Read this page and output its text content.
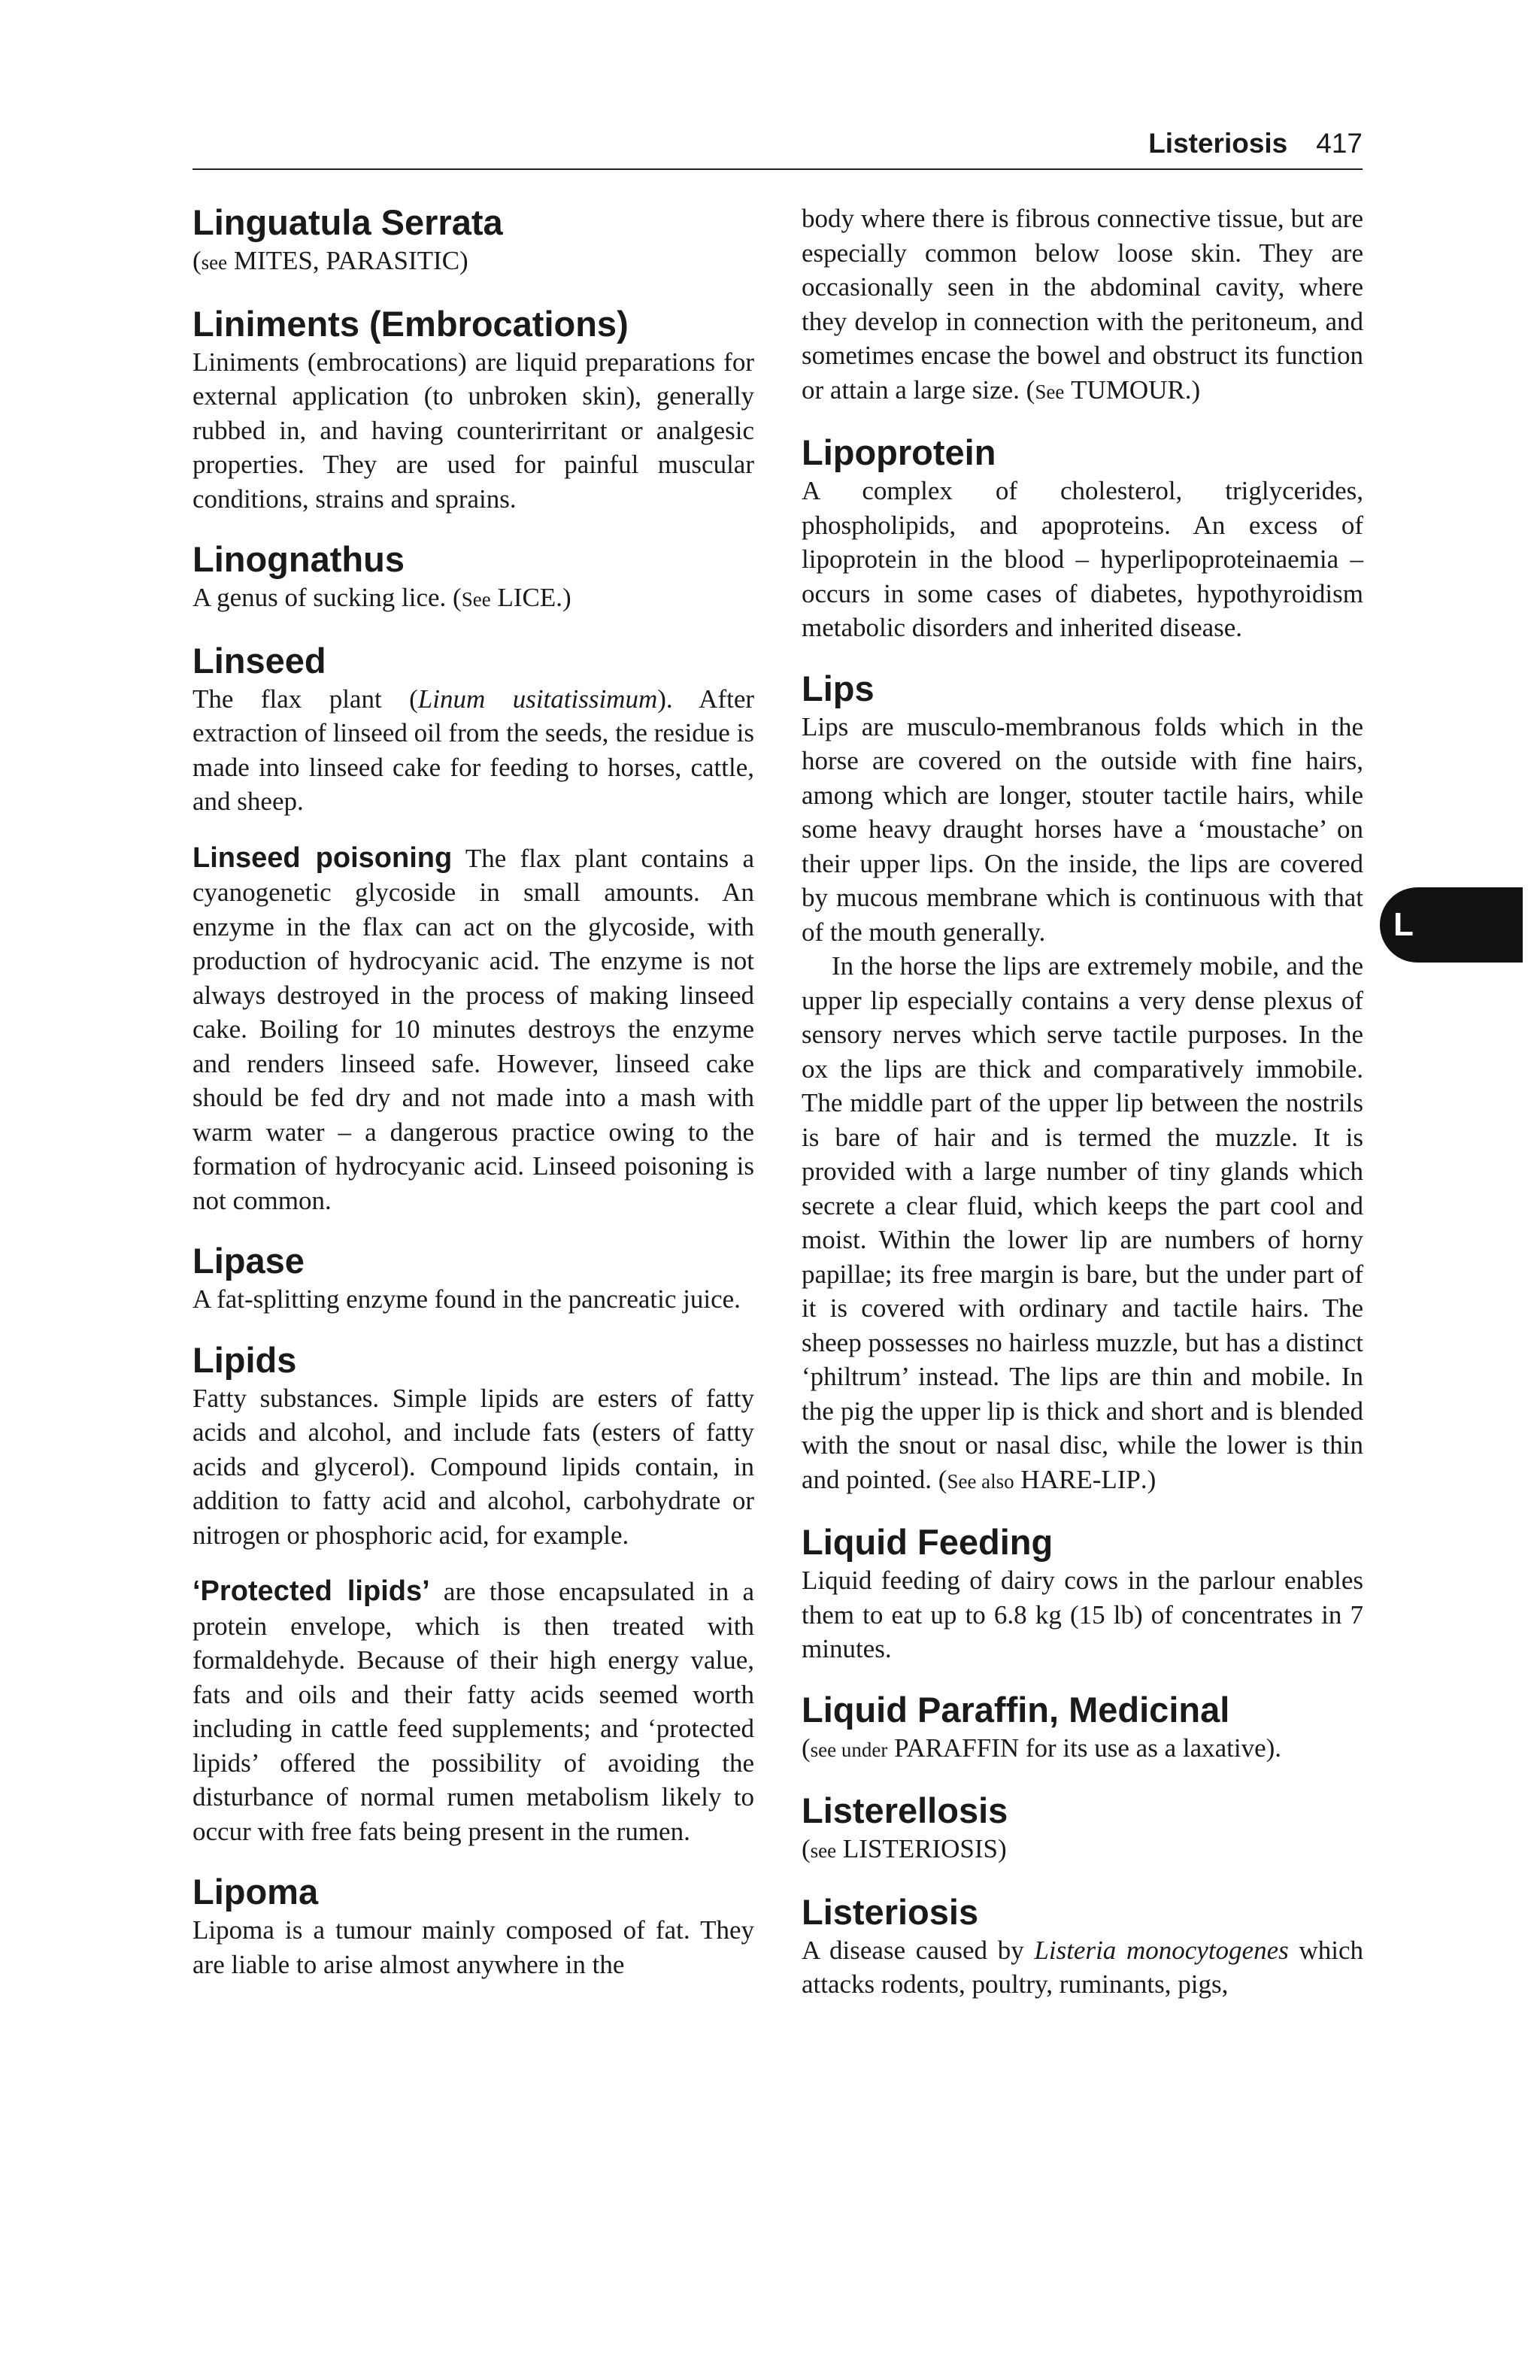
Listeriosis 417
L
Linguatula Serrata

(see MITES, PARASITIC)

Liniments (Embrocations)

Liniments (embrocations) are liquid preparations for external application (to unbroken skin), generally rubbed in, and having counterirritant or analgesic properties. They are used for painful muscular conditions, strains and sprains.

Linognathus

A genus of sucking lice. (See LICE.)

Linseed

The flax plant (Linum usitatissimum). After extraction of linseed oil from the seeds, the residue is made into linseed cake for feeding to horses, cattle, and sheep.

Linseed poisoning The flax plant contains a cyanogenetic glycoside in small amounts. An enzyme in the flax can act on the glycoside, with production of hydrocyanic acid. The enzyme is not always destroyed in the process of making linseed cake. Boiling for 10 minutes destroys the enzyme and renders linseed safe. However, linseed cake should be fed dry and not made into a mash with warm water – a dangerous practice owing to the formation of hydrocyanic acid. Linseed poisoning is not common.

Lipase

A fat-splitting enzyme found in the pancreatic juice.

Lipids

Fatty substances. Simple lipids are esters of fatty acids and alcohol, and include fats (esters of fatty acids and glycerol). Compound lipids contain, in addition to fatty acid and alcohol, carbohydrate or nitrogen or phosphoric acid, for example.

‘Protected lipids’ are those encapsulated in a protein envelope, which is then treated with formaldehyde. Because of their high energy value, fats and oils and their fatty acids seemed worth including in cattle feed supplements; and ‘protected lipids’ offered the possibility of avoiding the disturbance of normal rumen metabolism likely to occur with free fats being present in the rumen.

Lipoma

Lipoma is a tumour mainly composed of fat. They are liable to arise almost anywhere in the

body where there is fibrous connective tissue, but are especially common below loose skin. They are occasionally seen in the abdominal cavity, where they develop in connection with the peritoneum, and sometimes encase the bowel and obstruct its function or attain a large size. (See TUMOUR.)

Lipoprotein

A complex of cholesterol, triglycerides, phospholipids, and apoproteins. An excess of lipoprotein in the blood – hyperlipoproteinaemia – occurs in some cases of diabetes, hypothyroidism metabolic disorders and inherited disease.

Lips

Lips are musculo-membranous folds which in the horse are covered on the outside with fine hairs, among which are longer, stouter tactile hairs, while some heavy draught horses have a ‘moustache’ on their upper lips. On the inside, the lips are covered by mucous membrane which is continuous with that of the mouth generally.

In the horse the lips are extremely mobile, and the upper lip especially contains a very dense plexus of sensory nerves which serve tactile purposes. In the ox the lips are thick and comparatively immobile. The middle part of the upper lip between the nostrils is bare of hair and is termed the muzzle. It is provided with a large number of tiny glands which secrete a clear fluid, which keeps the part cool and moist. Within the lower lip are numbers of horny papillae; its free margin is bare, but the under part of it is covered with ordinary and tactile hairs. The sheep possesses no hairless muzzle, but has a distinct ‘philtrum’ instead. The lips are thin and mobile. In the pig the upper lip is thick and short and is blended with the snout or nasal disc, while the lower is thin and pointed. (See also HARE-LIP.)

Liquid Feeding

Liquid feeding of dairy cows in the parlour enables them to eat up to 6.8 kg (15 lb) of concentrates in 7 minutes.

Liquid Paraffin, Medicinal

(see under PARAFFIN for its use as a laxative).

Listerellosis

(see LISTERIOSIS)

Listeriosis

A disease caused by Listeria monocytogenes which attacks rodents, poultry, ruminants, pigs,
